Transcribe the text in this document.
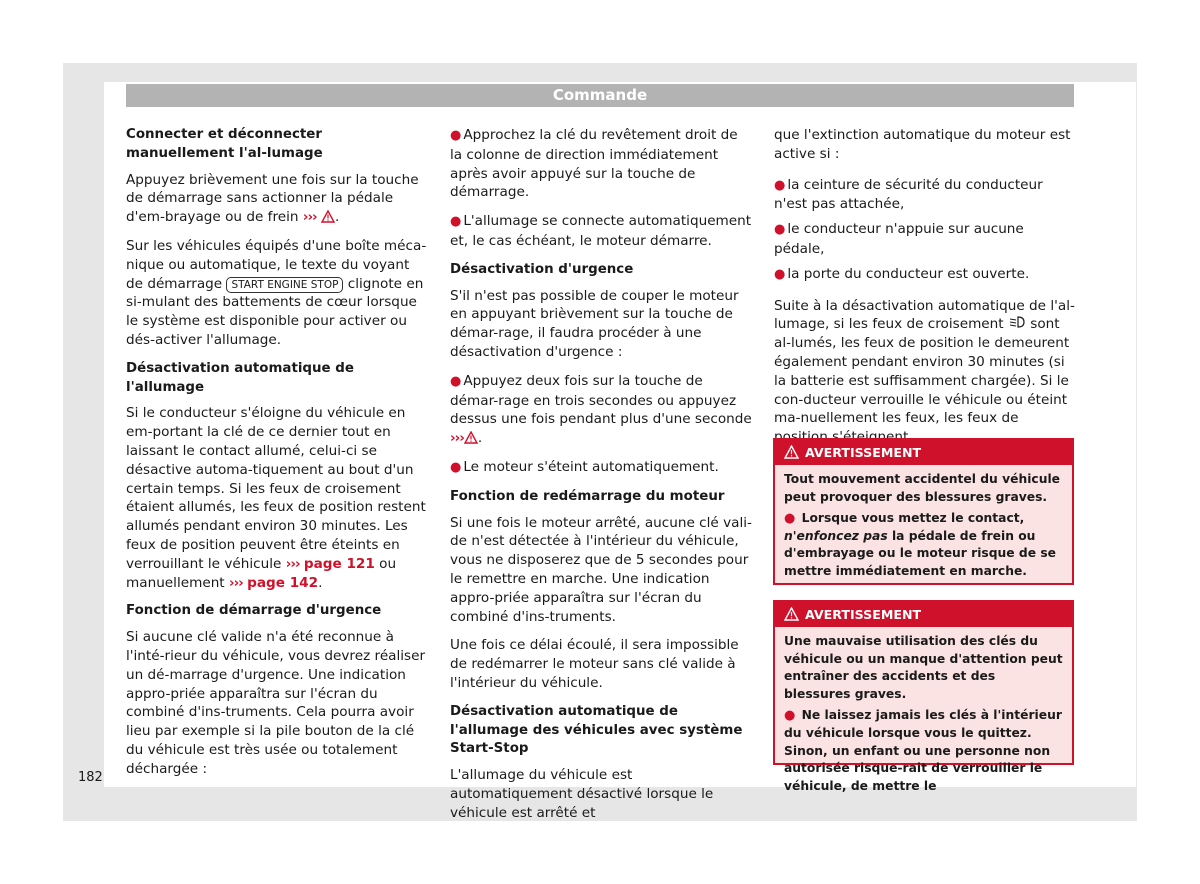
Commande
Connecter et déconnecter manuellement l'al-lumage

Appuyez brièvement une fois sur la touche de démarrage sans actionner la pédale d'em-brayage ou de frein ››› .

Sur les véhicules équipés d'une boîte méca-nique ou automatique, le texte du voyant de démarrage START ENGINE STOP clignote en si-mulant des battements de cœur lorsque le système est disponible pour activer ou dés-activer l'allumage.

Désactivation automatique de l'allumage

Si le conducteur s'éloigne du véhicule en em-portant la clé de ce dernier tout en laissant le contact allumé, celui-ci se désactive automa-tiquement au bout d'un certain temps. Si les feux de croisement étaient allumés, les feux de position restent allumés pendant environ 30 minutes. Les feux de position peuvent être éteints en verrouillant le véhicule ››› page 121 ou manuellement ››› page 142.

Fonction de démarrage d'urgence

Si aucune clé valide n'a été reconnue à l'inté-rieur du véhicule, vous devrez réaliser un dé-marrage d'urgence. Une indication appro-priée apparaîtra sur l'écran du combiné d'ins-truments. Cela pourra avoir lieu par exemple si la pile bouton de la clé du véhicule est très usée ou totalement déchargée :

● Approchez la clé du revêtement droit de la colonne de direction immédiatement après avoir appuyé sur la touche de démarrage.

● L'allumage se connecte automatiquement et, le cas échéant, le moteur démarre.

Désactivation d'urgence

S'il n'est pas possible de couper le moteur en appuyant brièvement sur la touche de démar-rage, il faudra procéder à une désactivation d'urgence :

● Appuyez deux fois sur la touche de démar-rage en trois secondes ou appuyez dessus une fois pendant plus d'une seconde ››› .

● Le moteur s'éteint automatiquement.

Fonction de redémarrage du moteur

Si une fois le moteur arrêté, aucune clé vali-de n'est détectée à l'intérieur du véhicule, vous ne disposerez que de 5 secondes pour le remettre en marche. Une indication appro-priée apparaîtra sur l'écran du combiné d'ins-truments.

Une fois ce délai écoulé, il sera impossible de redémarrer le moteur sans clé valide à l'intérieur du véhicule.

Désactivation automatique de l'allumage des véhicules avec système Start-Stop

L'allumage du véhicule est automatiquement désactivé lorsque le véhicule est arrêté et

que l'extinction automatique du moteur est active si :

● la ceinture de sécurité du conducteur n'est pas attachée,

● le conducteur n'appuie sur aucune pédale,

● la porte du conducteur est ouverte.

Suite à la désactivation automatique de l'al-lumage, si les feux de croisement sont al-lumés, les feux de position le demeurent également pendant environ 30 minutes (si la batterie est suffisamment chargée). Si le con-ducteur verrouille le véhicule ou éteint ma-nuellement les feux, les feux de

AVERTISSEMENT

Tout mouvement accidentel du véhicule peut provoquer des blessures graves.

● Lorsque vous mettez le contact, n'enfoncez pas la pédale de frein ou d'embrayage ou le moteur risque de se mettre immédiatement en marche.

AVERTISSEMENT

Une mauvaise utilisation des clés du véhicule ou un manque d'attention peut entraîner des accidents et des blessures graves.

● Ne laissez jamais les clés à l'intérieur du véhicule lorsque vous le quittez. Sinon, un enfant ou une personne non autorisée risque-rait de verrouiller le véhicule, de mettre le

182
